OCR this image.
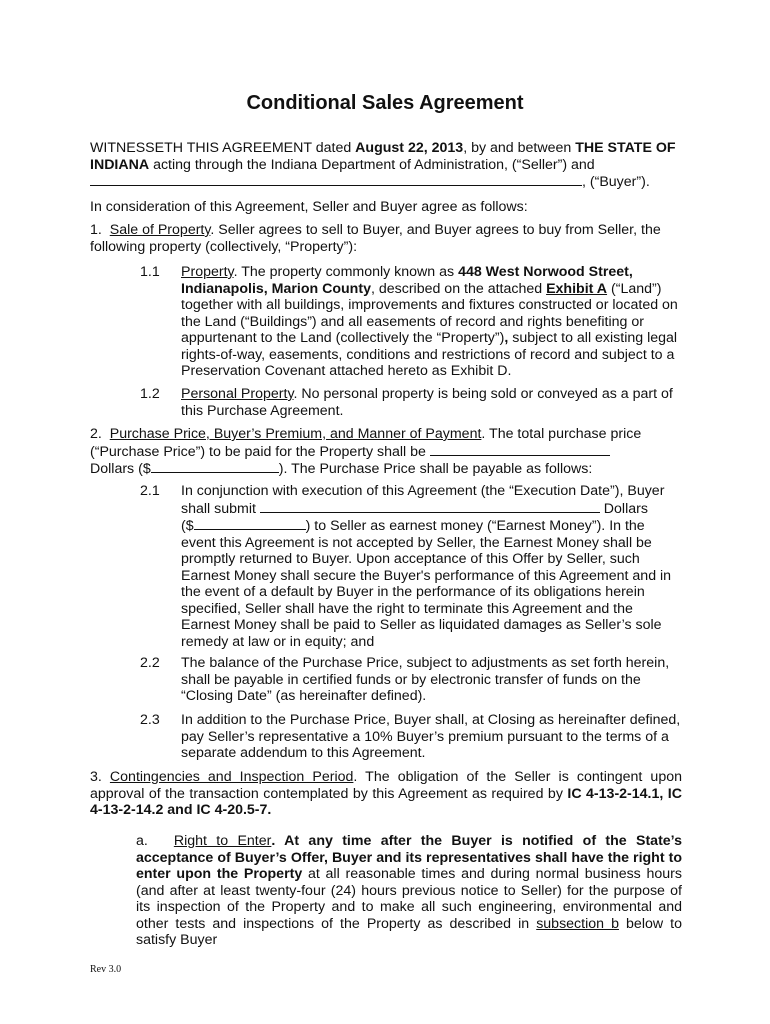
Conditional Sales Agreement
WITNESSETH THIS AGREEMENT dated August 22, 2013, by and between THE STATE OF INDIANA acting through the Indiana Department of Administration, (“Seller”) and
, (“Buyer”).
In consideration of this Agreement, Seller and Buyer agree as follows:
1. Sale of Property. Seller agrees to sell to Buyer, and Buyer agrees to buy from Seller, the following property (collectively, “Property”):
1.1	Property. The property commonly known as 448 West Norwood Street, Indianapolis, Marion County, described on the attached Exhibit A (“Land”) together with all buildings, improvements and fixtures constructed or located on the Land (“Buildings”) and all easements of record and rights benefiting or appurtenant to the Land (collectively the “Property”), subject to all existing legal rights-of-way, easements, conditions and restrictions of record and subject to a Preservation Covenant attached hereto as Exhibit D.
1.2	Personal Property. No personal property is being sold or conveyed as a part of this Purchase Agreement.
2. Purchase Price, Buyer’s Premium, and Manner of Payment. The total purchase price (“Purchase Price”) to be paid for the Property shall be
Dollars ($	). The Purchase Price shall be payable as follows:
2.1	In conjunction with execution of this Agreement (the “Execution Date”), Buyer shall submit	Dollars
($	) to Seller as earnest money (“Earnest Money”). In the event this Agreement is not accepted by Seller, the Earnest Money shall be promptly returned to Buyer. Upon acceptance of this Offer by Seller, such Earnest Money shall secure the Buyer's performance of this Agreement and in the event of a default by Buyer in the performance of its obligations herein specified, Seller shall have the right to terminate this Agreement and the Earnest Money shall be paid to Seller as liquidated damages as Seller’s sole remedy at law or in equity; and
2.2	The balance of the Purchase Price, subject to adjustments as set forth herein, shall be payable in certified funds or by electronic transfer of funds on the “Closing Date” (as hereinafter defined).
2.3	In addition to the Purchase Price, Buyer shall, at Closing as hereinafter defined, pay Seller’s representative a 10% Buyer’s premium pursuant to the terms of a separate addendum to this Agreement.
3. Contingencies and Inspection Period. The obligation of the Seller is contingent upon approval of the transaction contemplated by this Agreement as required by IC 4-13-2-14.1, IC 4-13-2-14.2 and IC 4-20.5-7.
a. Right to Enter. At any time after the Buyer is notified of the State’s acceptance of Buyer’s Offer, Buyer and its representatives shall have the right to enter upon the Property at all reasonable times and during normal business hours (and after at least twenty-four (24) hours previous notice to Seller) for the purpose of its inspection of the Property and to make all such engineering, environmental and other tests and inspections of the Property as described in subsection b below to satisfy Buyer
Rev 3.0
